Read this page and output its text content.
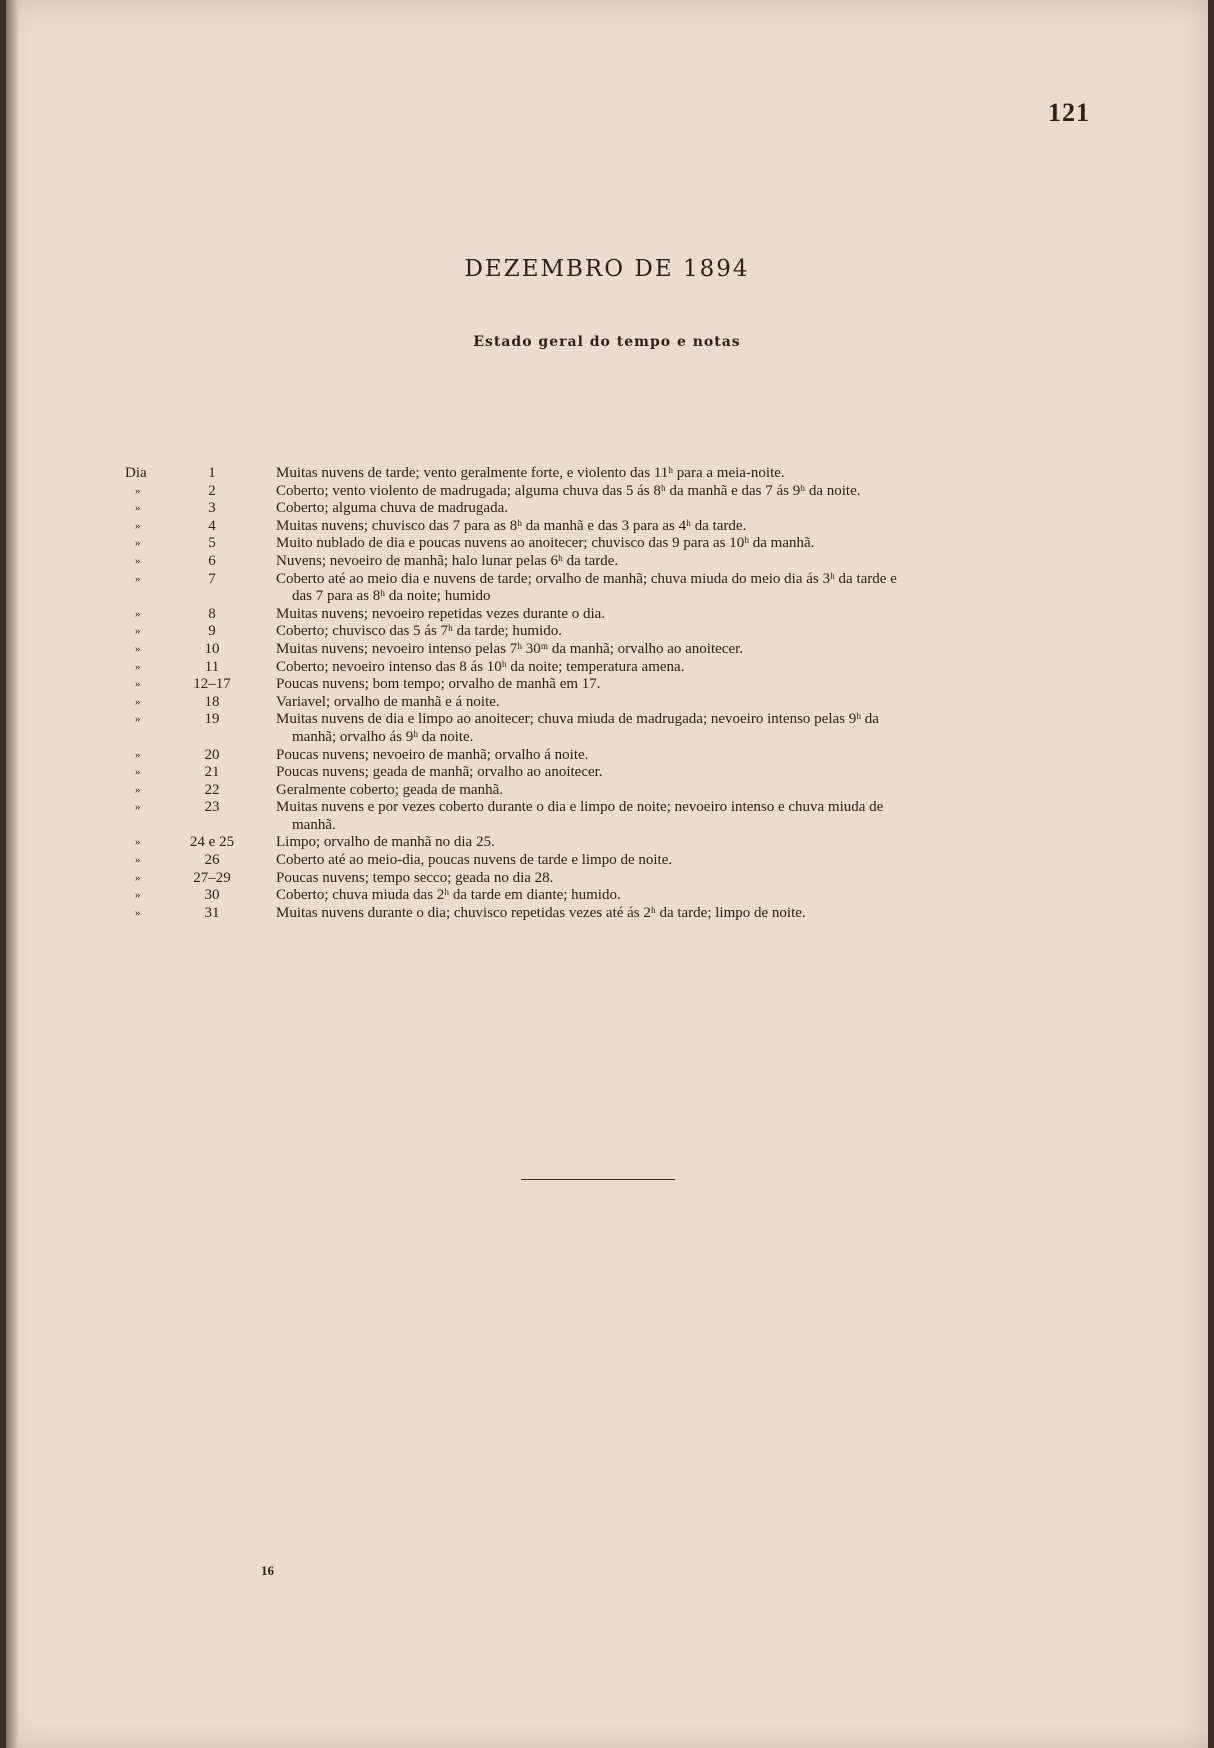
121
DEZEMBRO DE 1894
Estado geral do tempo e notas
Dia	1	Muitas nuvens de tarde; vento geralmente forte, e violento das 11ʰ para a meia-noite.
»	2	Coberto; vento violento de madrugada; alguma chuva das 5 ás 8ʰ da manhã e das 7 ás 9ʰ da noite.
»	3	Coberto; alguma chuva de madrugada.
»	4	Muitas nuvens; chuvisco das 7 para as 8ʰ da manhã e das 3 para as 4ʰ da tarde.
»	5	Muito nublado de dia e poucas nuvens ao anoitecer; chuvisco das 9 para as 10ʰ da manhã.
»	6	Nuvens; nevoeiro de manhã; halo lunar pelas 6ʰ da tarde.
»	7	Coberto até ao meio dia e nuvens de tarde; orvalho de manhã; chuva miuda do meio dia ás 3ʰ da tarde e
das 7 para as 8ʰ da noite; humido
»	8	Muitas nuvens; nevoeiro repetidas vezes durante o dia.
»	9	Coberto; chuvisco das 5 ás 7ʰ da tarde; humido.
»	10	Muitas nuvens; nevoeiro intenso pelas 7ʰ 30ᵐ da manhã; orvalho ao anoitecer.
»	11	Coberto; nevoeiro intenso das 8 ás 10ʰ da noite; temperatura amena.
»	12–17	Poucas nuvens; bom tempo; orvalho de manhã em 17.
»	18	Variavel; orvalho de manhã e á noite.
»	19	Muitas nuvens de dia e limpo ao anoitecer; chuva miuda de madrugada; nevoeiro intenso pelas 9ʰ da
manhã; orvalho ás 9ʰ da noite.
»	20	Poucas nuvens; nevoeiro de manhã; orvalho á noite.
»	21	Poucas nuvens; geada de manhã; orvalho ao anoitecer.
»	22	Geralmente coberto; geada de manhã.
»	23	Muitas nuvens e por vezes coberto durante o dia e limpo de noite; nevoeiro intenso e chuva miuda de
manhã.
»	24 e 25	Limpo; orvalho de manhã no dia 25.
»	26	Coberto até ao meio-dia, poucas nuvens de tarde e limpo de noite.
»	27–29	Poucas nuvens; tempo secco; geada no dia 28.
»	30	Coberto; chuva miuda das 2ʰ da tarde em diante; humido.
»	31	Muitas nuvens durante o dia; chuvisco repetidas vezes até ás 2ʰ da tarde; limpo de noite.
16
